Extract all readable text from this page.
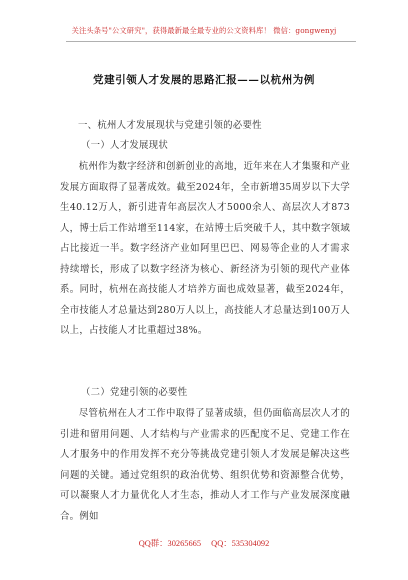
关注头条号"公文研究"，获得最新最全最专业的公文资料库！ 微信：gongwenyj
党建引领人才发展的思路汇报——以杭州为例
一、杭州人才发展现状与党建引领的必要性
（一）人才发展现状

杭州作为数字经济和创新创业的高地，近年来在人才集聚和产业发展方面取得了显著成效。截至2024年，全市新增35周岁以下大学生40.12万人，新引进青年高层次人才5000余人、高层次人才873人，博士后工作站增至114家，在站博士后突破千人，其中数字领域占比接近一半。数字经济产业如阿里巴巴、网易等企业的人才需求持续增长，形成了以数字经济为核心、新经济为引领的现代产业体系。同时，杭州在高技能人才培养方面也成效显著，截至2024年，全市技能人才总量达到280万人以上，高技能人才总量达到100万人以上，占技能人才比重超过38%。

（二）党建引领的必要性

尽管杭州在人才工作中取得了显著成绩，但仍面临高层次人才的引进和留用问题、人才结构与产业需求的匹配度不足、党建工作在人才服务中的作用发挥不充分等挑战党建引领人才发展是解决这些问题的关键。通过党组织的政治优势、组织优势和资源整合优势，可以凝聚人才力量优化人才生态，推动人才工作与产业发展深度融合。例如

QQ群：30265665 QQ：535304092
